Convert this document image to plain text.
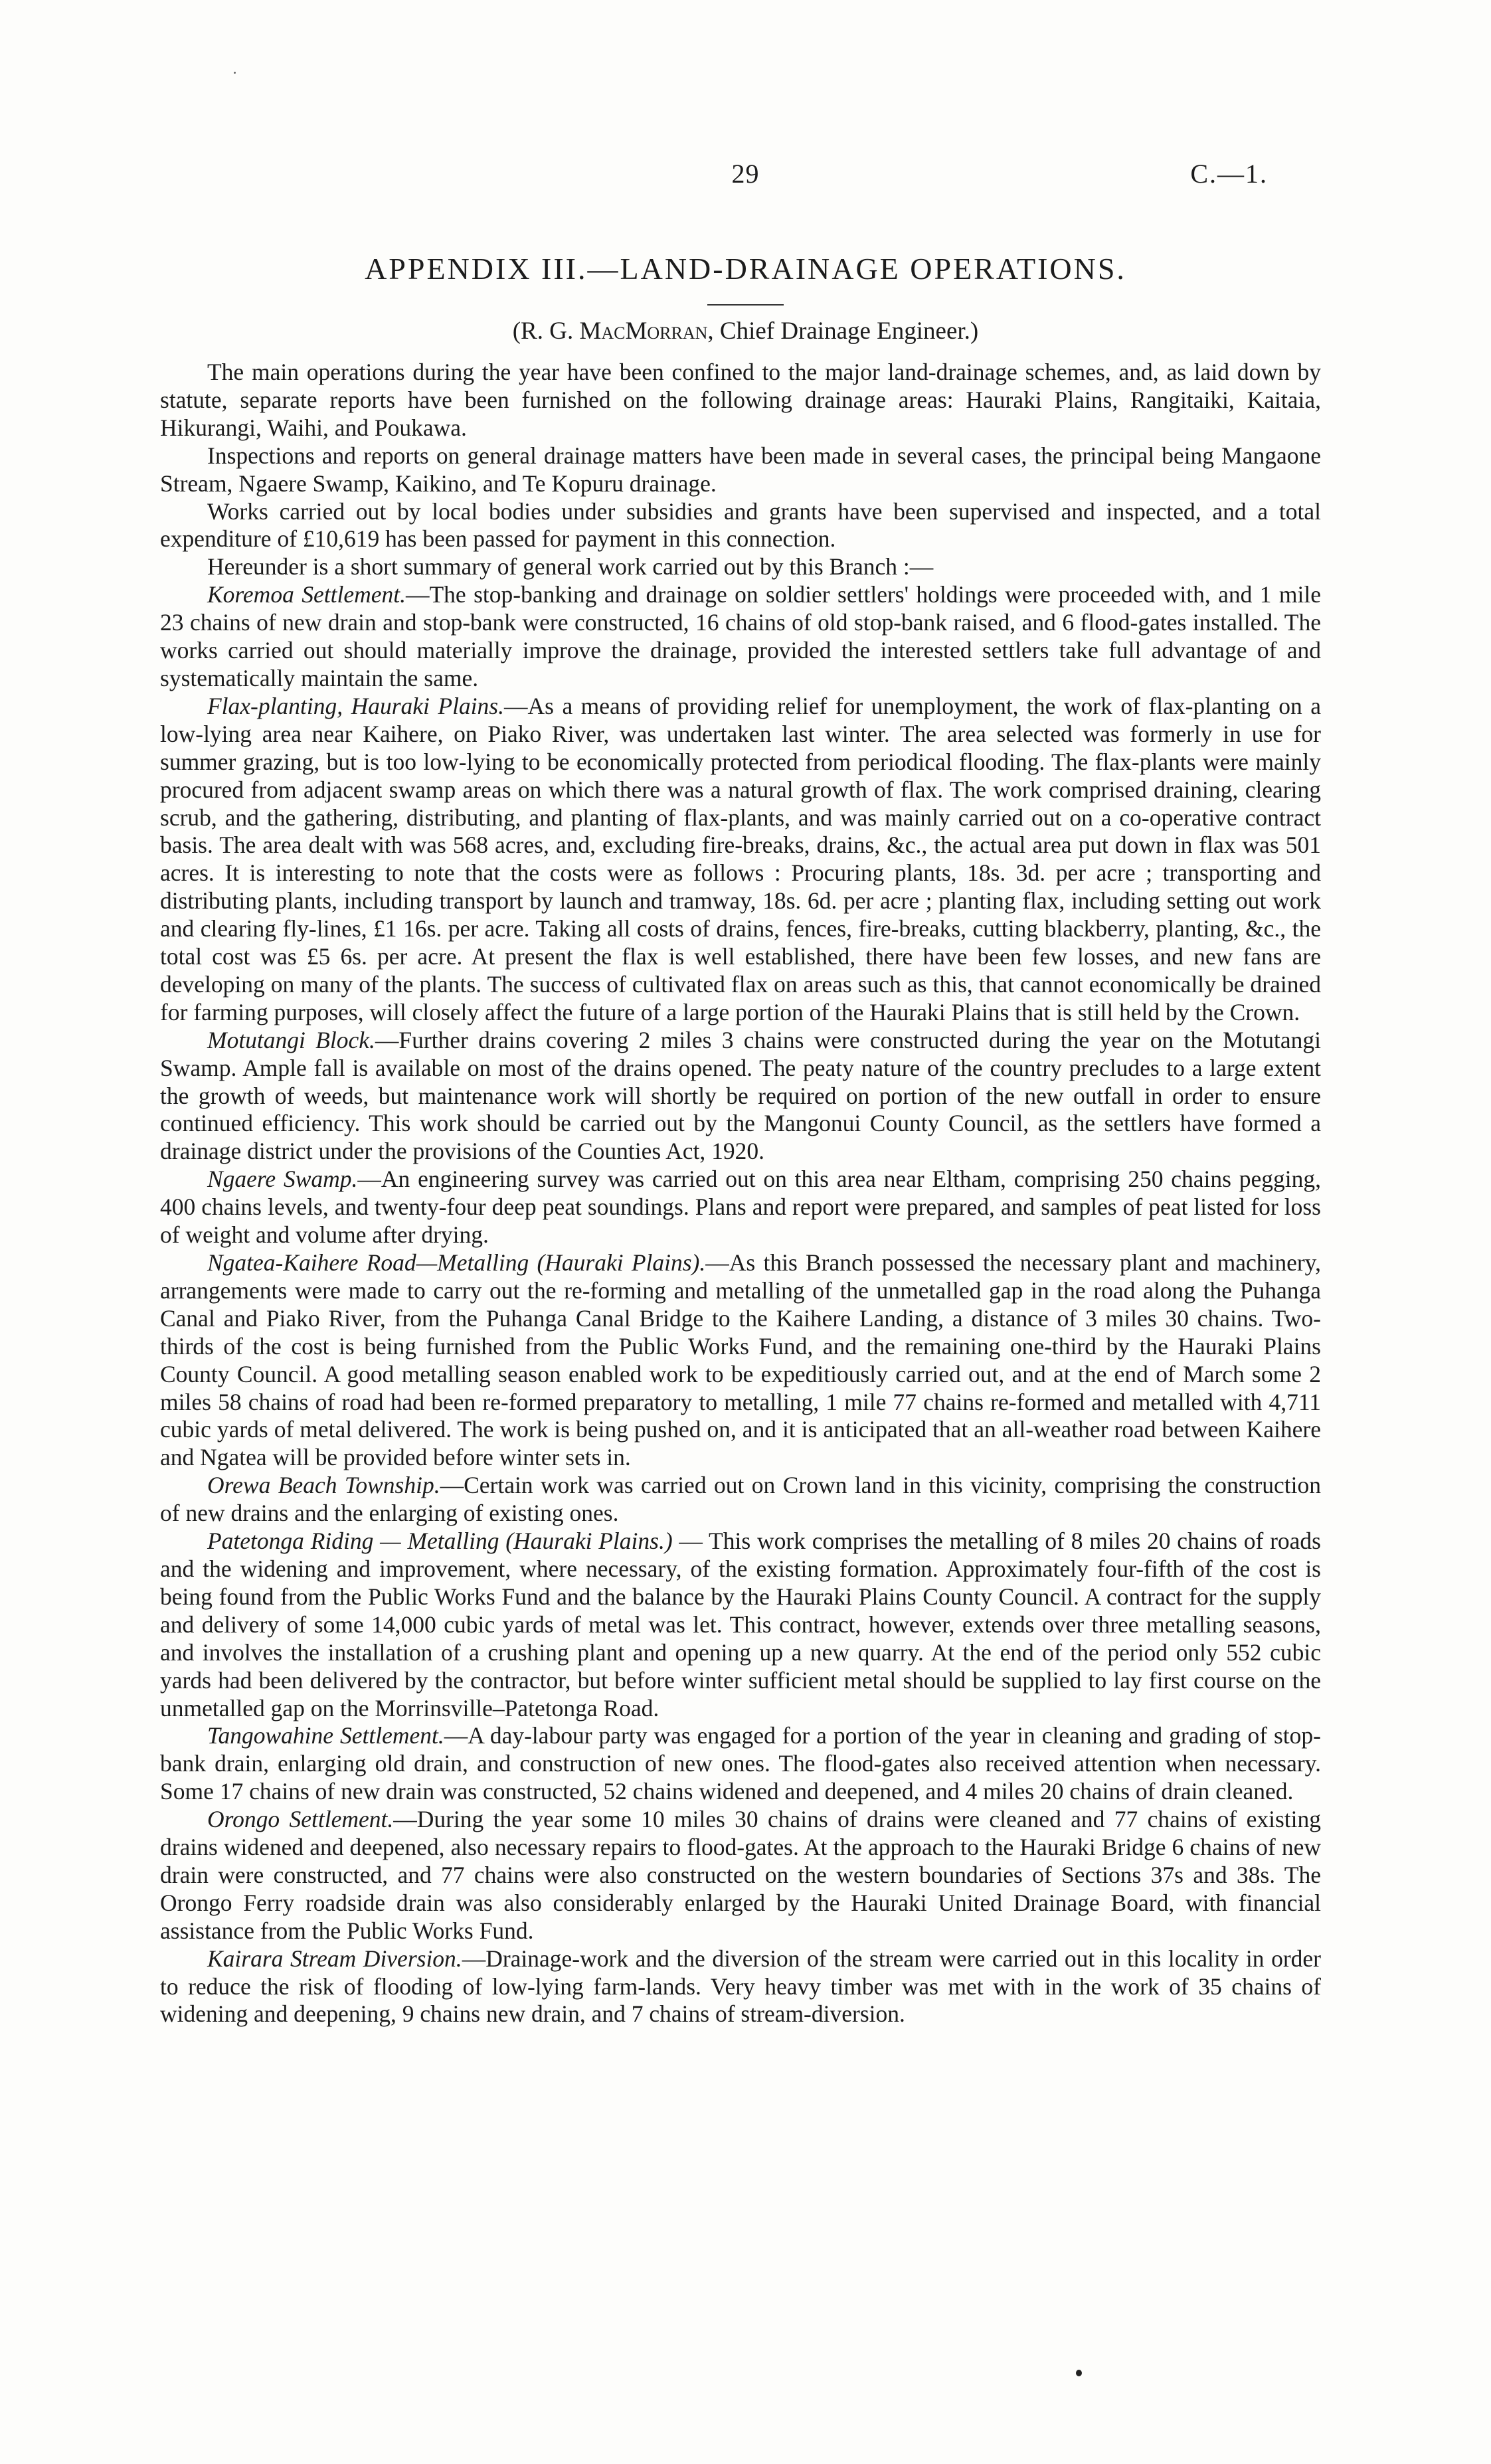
29	C.—1.
APPENDIX III.—LAND-DRAINAGE OPERATIONS.
(R. G. MacMorran, Chief Drainage Engineer.)

The main operations during the year have been confined to the major land-drainage schemes, and, as laid down by statute, separate reports have been furnished on the following drainage areas: Hauraki Plains, Rangitaiki, Kaitaia, Hikurangi, Waihi, and Poukawa.

Inspections and reports on general drainage matters have been made in several cases, the principal being Mangaone Stream, Ngaere Swamp, Kaikino, and Te Kopuru drainage.

Works carried out by local bodies under subsidies and grants have been supervised and inspected, and a total expenditure of £10,619 has been passed for payment in this connection.

Hereunder is a short summary of general work carried out by this Branch :—

Koremoa Settlement.—The stop-banking and drainage on soldier settlers' holdings were proceeded with, and 1 mile 23 chains of new drain and stop-bank were constructed, 16 chains of old stop-bank raised, and 6 flood-gates installed. The works carried out should materially improve the drainage, provided the interested settlers take full advantage of and systematically maintain the same.

Flax-planting, Hauraki Plains.—As a means of providing relief for unemployment, the work of flax-planting on a low-lying area near Kaihere, on Piako River, was undertaken last winter. The area selected was formerly in use for summer grazing, but is too low-lying to be economically protected from periodical flooding. The flax-plants were mainly procured from adjacent swamp areas on which there was a natural growth of flax. The work comprised draining, clearing scrub, and the gathering, distributing, and planting of flax-plants, and was mainly carried out on a co-operative contract basis. The area dealt with was 568 acres, and, excluding fire-breaks, drains, &c., the actual area put down in flax was 501 acres. It is interesting to note that the costs were as follows : Procuring plants, 18s. 3d. per acre ; transporting and distributing plants, including transport by launch and tramway, 18s. 6d. per acre ; planting flax, including setting out work and clearing fly-lines, £1 16s. per acre. Taking all costs of drains, fences, fire-breaks, cutting blackberry, planting, &c., the total cost was £5 6s. per acre. At present the flax is well established, there have been few losses, and new fans are developing on many of the plants. The success of cultivated flax on areas such as this, that cannot economically be drained for farming purposes, will closely affect the future of a large portion of the Hauraki Plains that is still held by the Crown.

Motutangi Block.—Further drains covering 2 miles 3 chains were constructed during the year on the Motutangi Swamp. Ample fall is available on most of the drains opened. The peaty nature of the country precludes to a large extent the growth of weeds, but maintenance work will shortly be required on portion of the new outfall in order to ensure continued efficiency. This work should be carried out by the Mangonui County Council, as the settlers have formed a drainage district under the provisions of the Counties Act, 1920.

Ngaere Swamp.—An engineering survey was carried out on this area near Eltham, comprising 250 chains pegging, 400 chains levels, and twenty-four deep peat soundings. Plans and report were prepared, and samples of peat listed for loss of weight and volume after drying.

Ngatea-Kaihere Road—Metalling (Hauraki Plains).—As this Branch possessed the necessary plant and machinery, arrangements were made to carry out the re-forming and metalling of the unmetalled gap in the road along the Puhanga Canal and Piako River, from the Puhanga Canal Bridge to the Kaihere Landing, a distance of 3 miles 30 chains. Two-thirds of the cost is being furnished from the Public Works Fund, and the remaining one-third by the Hauraki Plains County Council. A good metalling season enabled work to be expeditiously carried out, and at the end of March some 2 miles 58 chains of road had been re-formed preparatory to metalling, 1 mile 77 chains re-formed and metalled with 4,711 cubic yards of metal delivered. The work is being pushed on, and it is anticipated that an all-weather road between Kaihere and Ngatea will be provided before winter sets in.

Orewa Beach Township.—Certain work was carried out on Crown land in this vicinity, comprising the construction of new drains and the enlarging of existing ones.

Patetonga Riding — Metalling (Hauraki Plains.) — This work comprises the metalling of 8 miles 20 chains of roads and the widening and improvement, where necessary, of the existing formation. Approximately four-fifth of the cost is being found from the Public Works Fund and the balance by the Hauraki Plains County Council. A contract for the supply and delivery of some 14,000 cubic yards of metal was let. This contract, however, extends over three metalling seasons, and involves the installation of a crushing plant and opening up a new quarry. At the end of the period only 552 cubic yards had been delivered by the contractor, but before winter sufficient metal should be supplied to lay first course on the unmetalled gap on the Morrinsville–Patetonga Road.

Tangowahine Settlement.—A day-labour party was engaged for a portion of the year in cleaning and grading of stop-bank drain, enlarging old drain, and construction of new ones. The flood-gates also received attention when necessary. Some 17 chains of new drain was constructed, 52 chains widened and deepened, and 4 miles 20 chains of drain cleaned.

Orongo Settlement.—During the year some 10 miles 30 chains of drains were cleaned and 77 chains of existing drains widened and deepened, also necessary repairs to flood-gates. At the approach to the Hauraki Bridge 6 chains of new drain were constructed, and 77 chains were also constructed on the western boundaries of Sections 37s and 38s. The Orongo Ferry roadside drain was also considerably enlarged by the Hauraki United Drainage Board, with financial assistance from the Public Works Fund.

Kairara Stream Diversion.—Drainage-work and the diversion of the stream were carried out in this locality in order to reduce the risk of flooding of low-lying farm-lands. Very heavy timber was met with in the work of 35 chains of widening and deepening, 9 chains new drain, and 7 chains of stream-diversion.
